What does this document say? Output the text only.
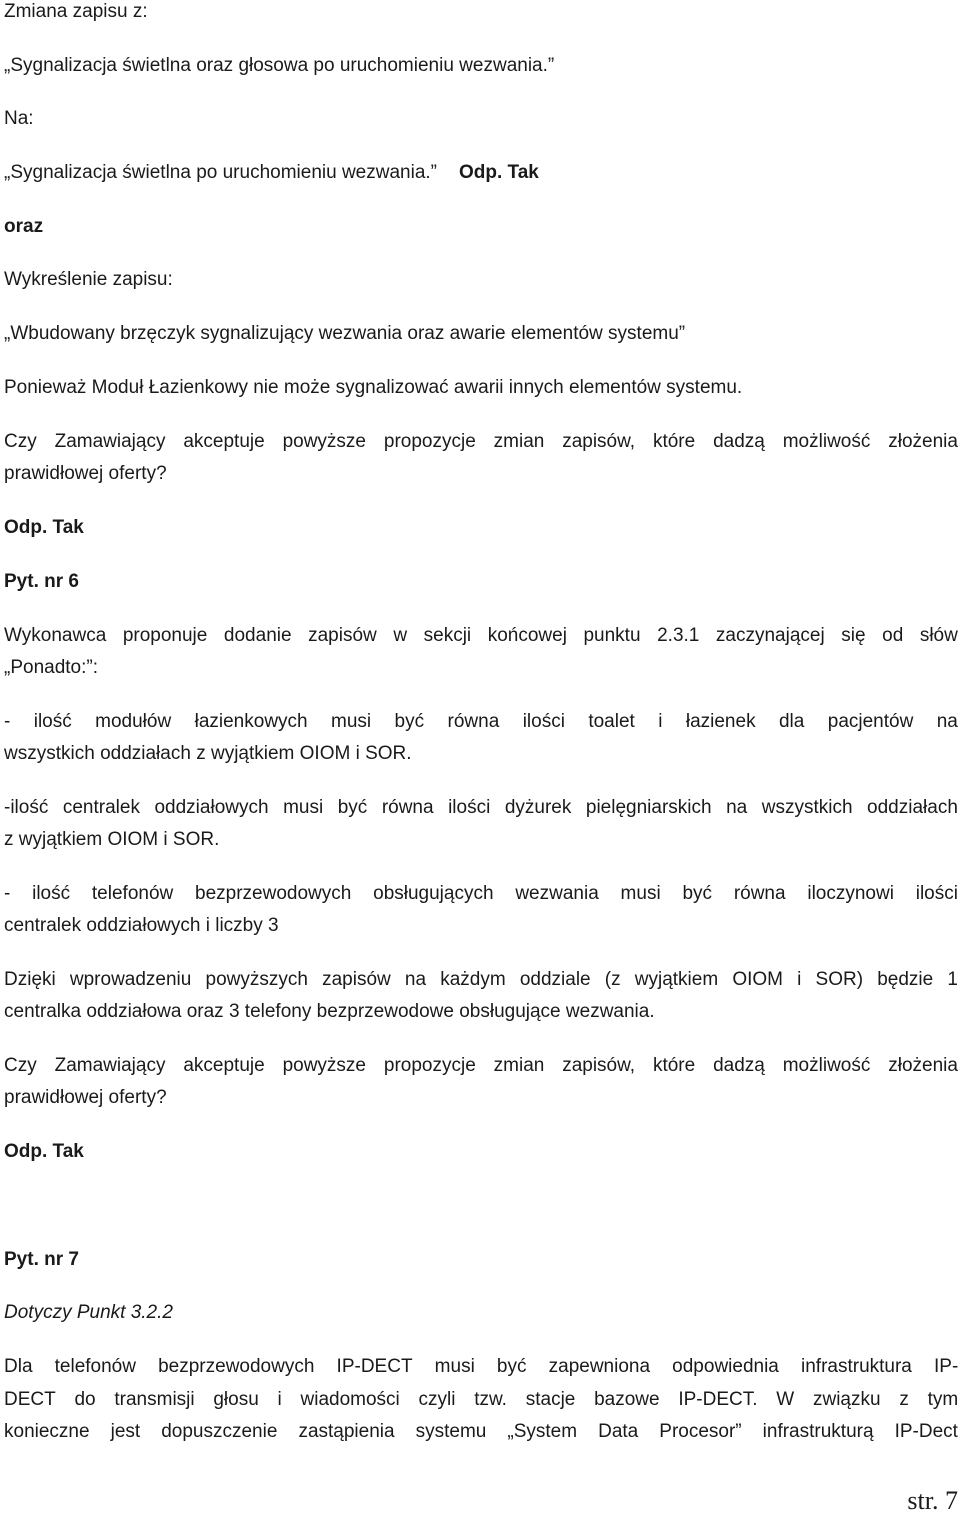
Zmiana zapisu z:
„Sygnalizacja świetlna oraz głosowa po uruchomieniu wezwania.”
Na:
„Sygnalizacja świetlna po uruchomieniu wezwania.” Odp. Tak
oraz
Wykreślenie zapisu:
„Wbudowany brzęczyk sygnalizujący wezwania oraz awarie elementów systemu”
Ponieważ Moduł Łazienkowy nie może sygnalizować awarii innych elementów systemu.
Czy Zamawiający akceptuje powyższe propozycje zmian zapisów, które dadzą możliwość złożenia
prawidłowej oferty?
Odp. Tak
Pyt. nr 6
Wykonawca proponuje dodanie zapisów w sekcji końcowej punktu 2.3.1 zaczynającej się od słów
„Ponadto:”:
- ilość modułów łazienkowych musi być równa ilości toalet i łazienek dla pacjentów na
wszystkich oddziałach z wyjątkiem OIOM i SOR.
-ilość centralek oddziałowych musi być równa ilości dyżurek pielęgniarskich na wszystkich oddziałach
z wyjątkiem OIOM i SOR.
- ilość telefonów bezprzewodowych obsługujących wezwania musi być równa iloczynowi ilości
centralek oddziałowych i liczby 3
Dzięki wprowadzeniu powyższych zapisów na każdym oddziale (z wyjątkiem OIOM i SOR) będzie 1
centralka oddziałowa oraz 3 telefony bezprzewodowe obsługujące wezwania.
Czy Zamawiający akceptuje powyższe propozycje zmian zapisów, które dadzą możliwość złożenia
prawidłowej oferty?
Odp. Tak
Pyt. nr 7
Dotyczy Punkt 3.2.2
Dla telefonów bezprzewodowych IP-DECT musi być zapewniona odpowiednia infrastruktura IP-
DECT do transmisji głosu i wiadomości czyli tzw. stacje bazowe IP-DECT. W związku z tym
konieczne jest dopuszczenie zastąpienia systemu „System Data Procesor” infrastrukturą IP-Dect
str. 7
